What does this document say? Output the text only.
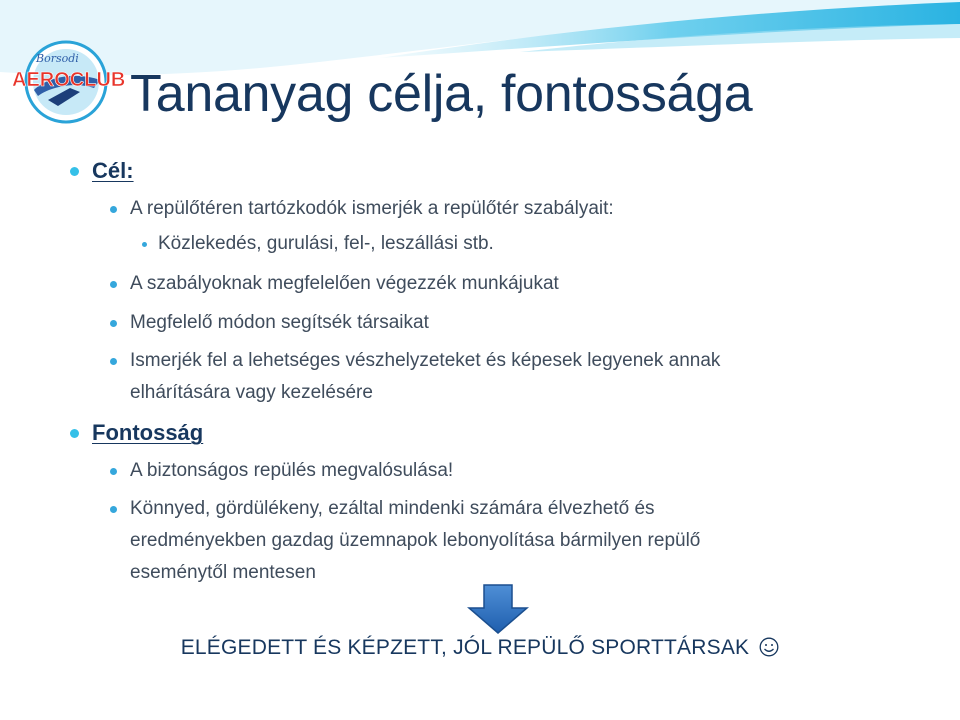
Borsodi
AEROCLUB Tananyag célja, fontossága
Cél:
A repülőtéren tartózkodók ismerjék a repülőtér szabályait:
Közlekedés, gurulási, fel-, leszállási stb.
A szabályoknak megfelelően végezzék munkájukat
Megfelelő módon segítsék társaikat
Ismerjék fel a lehetséges vészhelyzeteket és képesek legyenek annak
elhárítására vagy kezelésére
Fontosság
A biztonságos repülés megvalósulása!
Könnyed, gördülékeny, ezáltal mindenki számára élvezhető és
eredményekben gazdag üzemnapok lebonyolítása bármilyen repülő
eseménytől mentesen
ELÉGEDETT ÉS KÉPZETT, JÓL REPÜLŐ SPORTTÁRSAK
